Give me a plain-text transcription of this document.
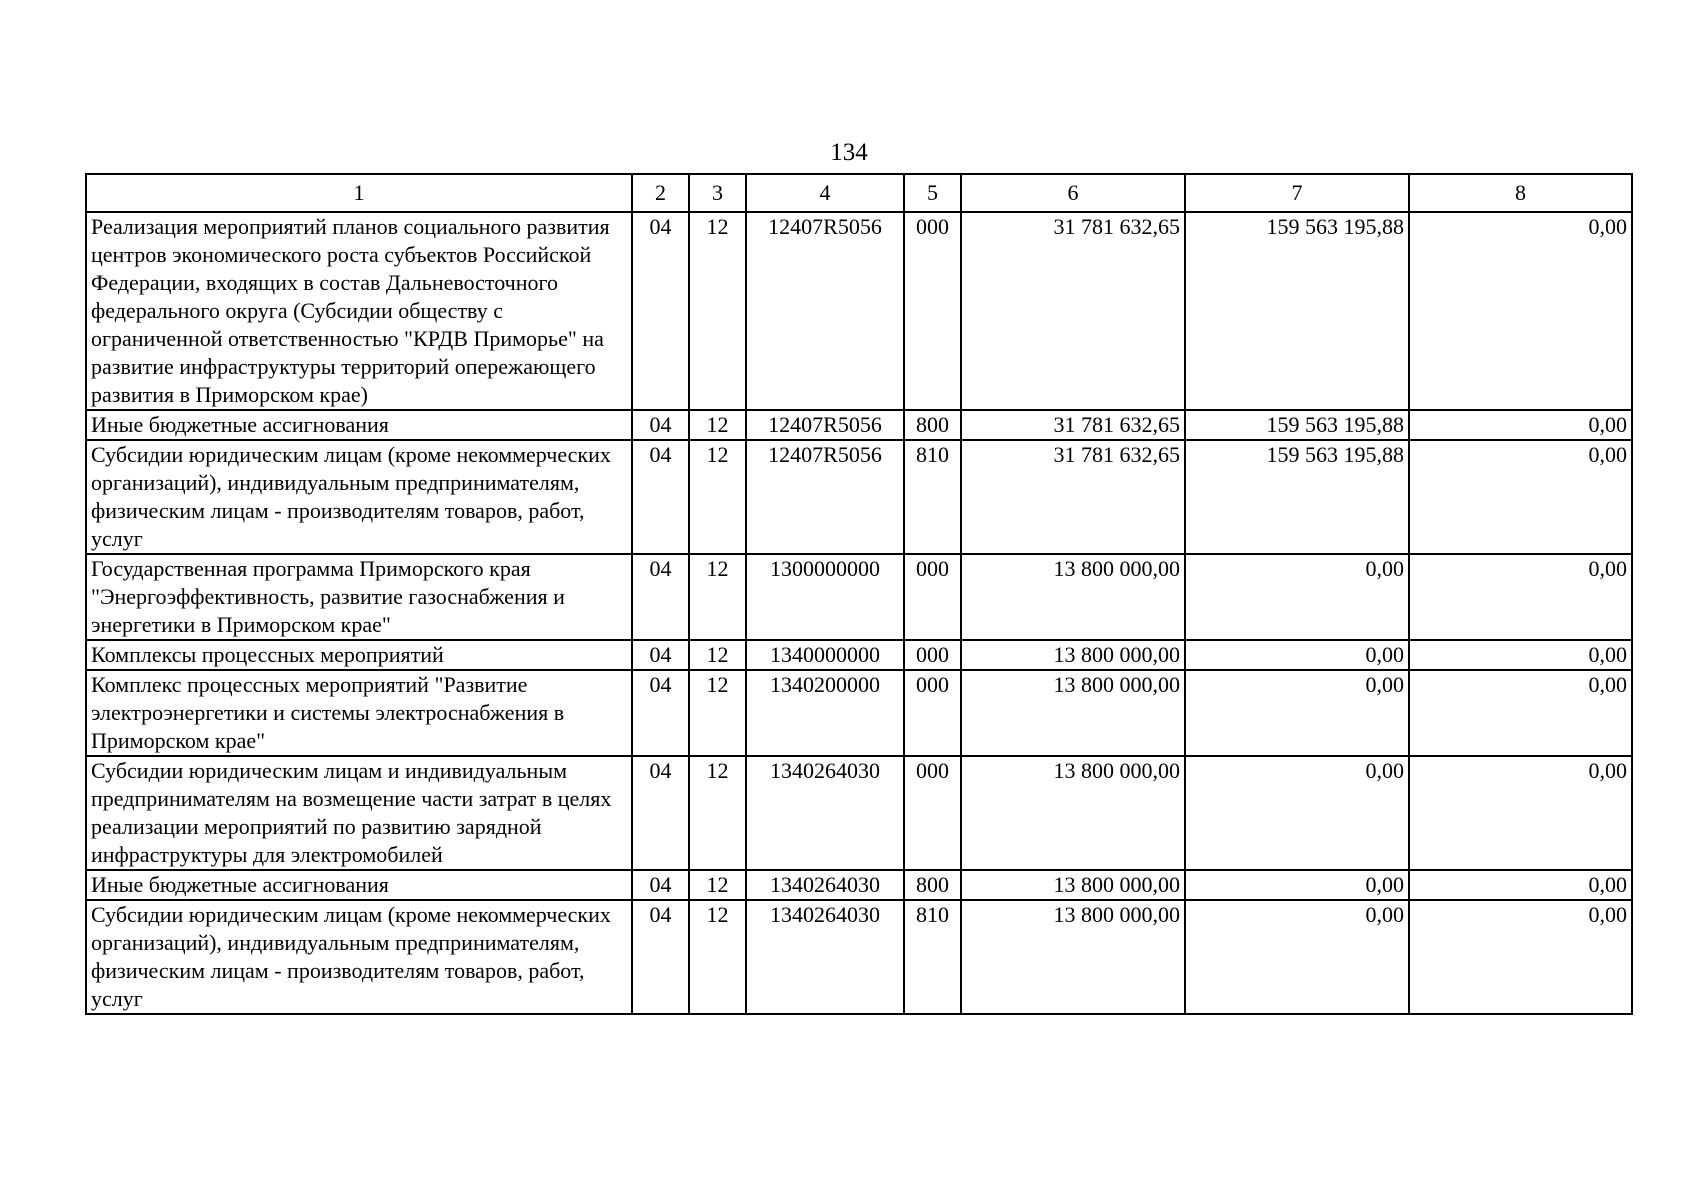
134
1	2	3	4	5	6	7	8
Реализация мероприятий планов социального развития центров экономического роста субъектов Российской Федерации, входящих в состав Дальневосточного федерального округа (Субсидии обществу с ограниченной ответственностью "КРДВ Приморье" на развитие инфраструктуры территорий опережающего развития в Приморском крае)	04	12	12407R5056	000	31 781 632,65	159 563 195,88	0,00
Иные бюджетные ассигнования	04	12	12407R5056	800	31 781 632,65	159 563 195,88	0,00
Субсидии юридическим лицам (кроме некоммерческих организаций), индивидуальным предпринимателям, физическим лицам - производителям товаров, работ, услуг	04	12	12407R5056	810	31 781 632,65	159 563 195,88	0,00
Государственная программа Приморского края "Энергоэффективность, развитие газоснабжения и энергетики в Приморском крае"	04	12	1300000000	000	13 800 000,00	0,00	0,00
Комплексы процессных мероприятий	04	12	1340000000	000	13 800 000,00	0,00	0,00
Комплекс процессных мероприятий "Развитие электроэнергетики и системы электроснабжения в Приморском крае"	04	12	1340200000	000	13 800 000,00	0,00	0,00
Субсидии юридическим лицам и индивидуальным предпринимателям на возмещение части затрат в целях реализации мероприятий по развитию зарядной инфраструктуры для электромобилей	04	12	1340264030	000	13 800 000,00	0,00	0,00
Иные бюджетные ассигнования	04	12	1340264030	800	13 800 000,00	0,00	0,00
Субсидии юридическим лицам (кроме некоммерческих организаций), индивидуальным предпринимателям, физическим лицам - производителям товаров, работ, услуг	04	12	1340264030	810	13 800 000,00	0,00	0,00
